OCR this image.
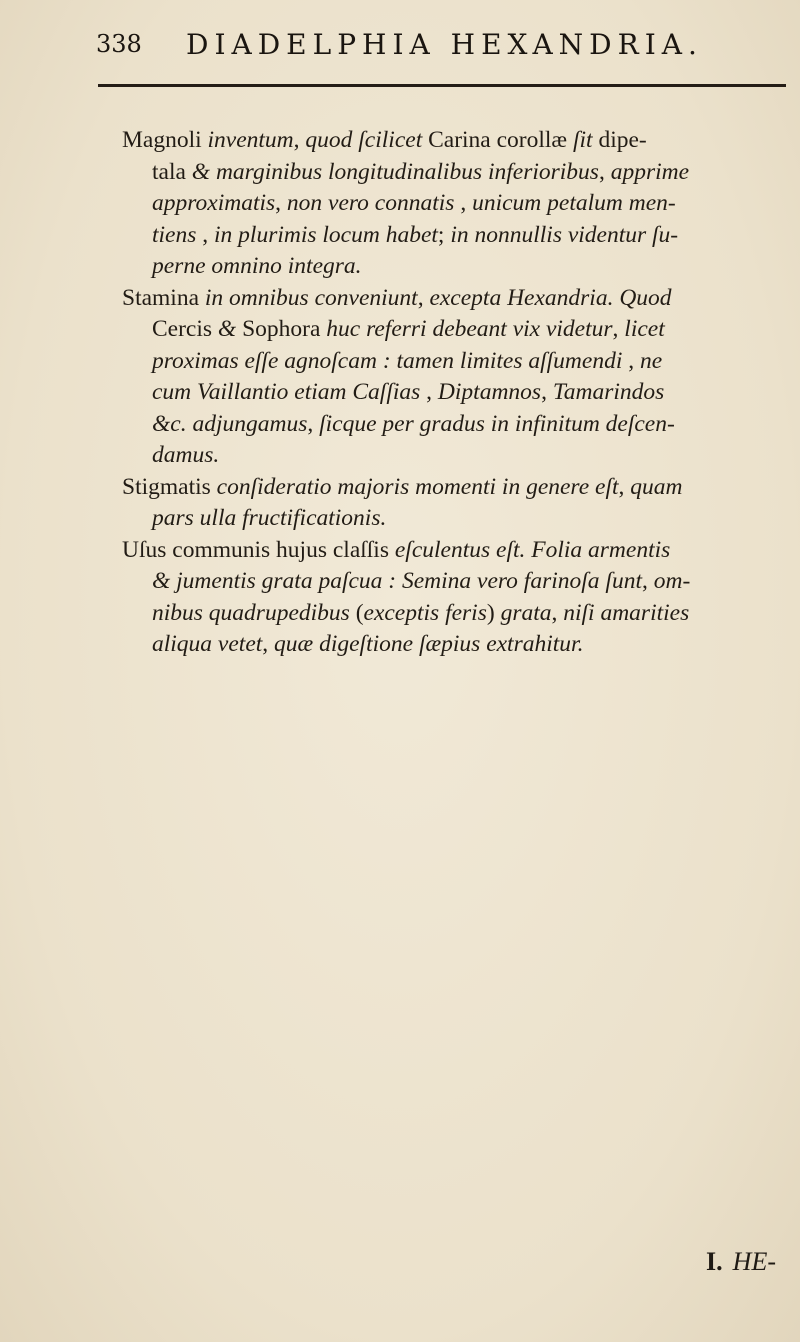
338 DIADELPHIA HEXANDRIA.
Magnoli inventum, quod ſcilicet Carina corollæ ſit dipe-
tala & marginibus longitudinalibus inferioribus, apprime
approximatis, non vero connatis , unicum petalum men-
tiens , in plurimis locum habet; in nonnullis videntur ſu-
perne omnino integra.
Stamina in omnibus conveniunt, excepta Hexandria. Quod
Cercis & Sophora huc referri debeant vix videtur, licet
proximas eſſe agnoſcam : tamen limites aſſumendi , ne
cum Vaillantio etiam Caſſias , Diptamnos, Tamarindos
&c. adjungamus, ſicque per gradus in infinitum deſcen-
damus.
Stigmatis conſideratio majoris momenti in genere eſt, quam
pars ulla fructificationis.
Uſus communis hujus claſſis eſculentus eſt. Folia armentis
& jumentis grata paſcua : Semina vero farinoſa ſunt, om-
nibus quadrupedibus (exceptis feris) grata, niſi amarities
aliqua vetet, quæ digeſtione ſæpius extrahitur.
I. HE-
